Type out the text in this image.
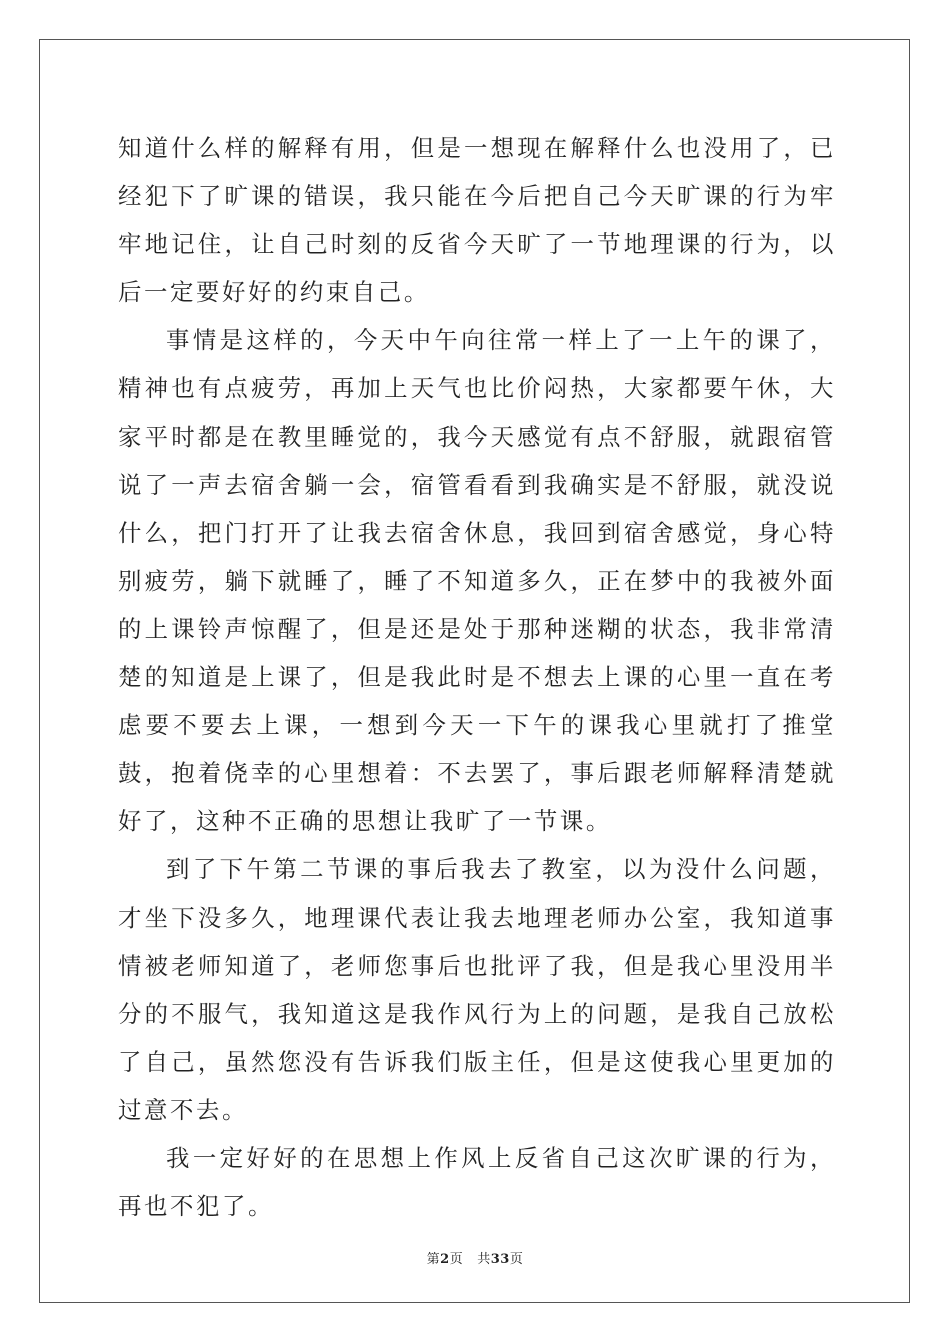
知道什么样的解释有用，但是一想现在解释什么也没用了，已经犯下了旷课的错误，我只能在今后把自己今天旷课的行为牢牢地记住，让自己时刻的反省今天旷了一节地理课的行为，以后一定要好好的约束自己。

事情是这样的，今天中午向往常一样上了一上午的课了，精神也有点疲劳，再加上天气也比价闷热，大家都要午休，大家平时都是在教里睡觉的，我今天感觉有点不舒服，就跟宿管说了一声去宿舍躺一会，宿管看看到我确实是不舒服，就没说什么，把门打开了让我去宿舍休息，我回到宿舍感觉，身心特别疲劳，躺下就睡了，睡了不知道多久，正在梦中的我被外面的上课铃声惊醒了，但是还是处于那种迷糊的状态，我非常清楚的知道是上课了，但是我此时是不想去上课的心里一直在考虑要不要去上课，一想到今天一下午的课我心里就打了推堂鼓，抱着侥幸的心里想着：不去罢了，事后跟老师解释清楚就好了，这种不正确的思想让我旷了一节课。

到了下午第二节课的事后我去了教室，以为没什么问题，才坐下没多久，地理课代表让我去地理老师办公室，我知道事情被老师知道了，老师您事后也批评了我，但是我心里没用半分的不服气，我知道这是我作风行为上的问题，是我自己放松了自己，虽然您没有告诉我们版主任，但是这使我心里更加的过意不去。

我一定好好的在思想上作风上反省自己这次旷课的行为，再也不犯了。

第2页 共33页
